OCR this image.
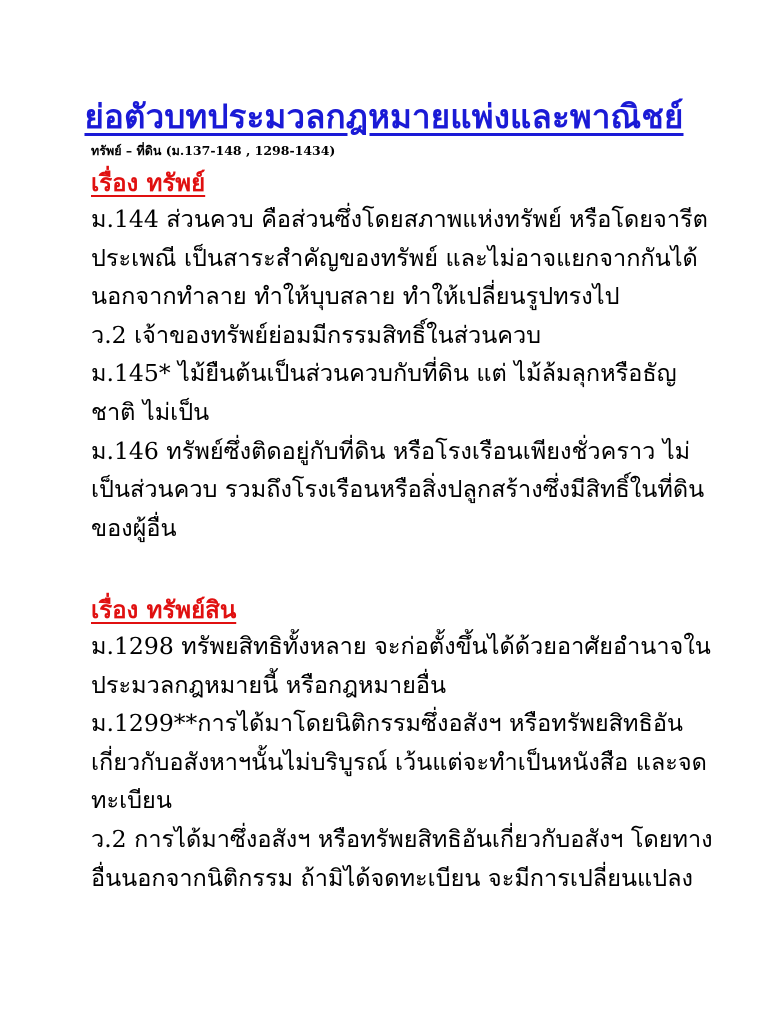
ย่อตัวบทประมวลกฎหมายแพ่งและพาณิชย์
ทรัพย์ – ที่ดิน (ม.137-148 , 1298-1434)
เรื่อง ทรัพย์
ม.144 ส่วนควบ คือส่วนซึ่งโดยสภาพแห่งทรัพย์ หรือโดยจารีต
ประเพณี เป็นสาระสำคัญของทรัพย์ และไม่อาจแยกจากกันได้
นอกจากทำลาย ทำให้บุบสลาย ทำให้เปลี่ยนรูปทรงไป
ว.2 เจ้าของทรัพย์ย่อมมีกรรมสิทธิ์ในส่วนควบ
ม.145* ไม้ยืนต้นเป็นส่วนควบกับที่ดิน แต่ ไม้ล้มลุกหรือธัญ
ชาติ ไม่เป็น
ม.146 ทรัพย์ซึ่งติดอยู่กับที่ดิน หรือโรงเรือนเพียงชั่วคราว ไม่
เป็นส่วนควบ รวมถึงโรงเรือนหรือสิ่งปลูกสร้างซึ่งมีสิทธิ์ในที่ดิน
ของผู้อื่น
เรื่อง ทรัพย์สิน
ม.1298 ทรัพยสิทธิทั้งหลาย จะก่อตั้งขึ้นได้ด้วยอาศัยอำนาจใน
ประมวลกฎหมายนี้ หรือกฎหมายอื่น
ม.1299**การได้มาโดยนิติกรรมซึ่งอสังฯ หรือทรัพยสิทธิอัน
เกี่ยวกับอสังหาฯนั้นไม่บริบูรณ์ เว้นแต่จะทำเป็นหนังสือ และจด
ทะเบียน
ว.2 การได้มาซึ่งอสังฯ หรือทรัพยสิทธิอันเกี่ยวกับอสังฯ โดยทาง
อื่นนอกจากนิติกรรม ถ้ามิได้จดทะเบียน จะมีการเปลี่ยนแปลง
